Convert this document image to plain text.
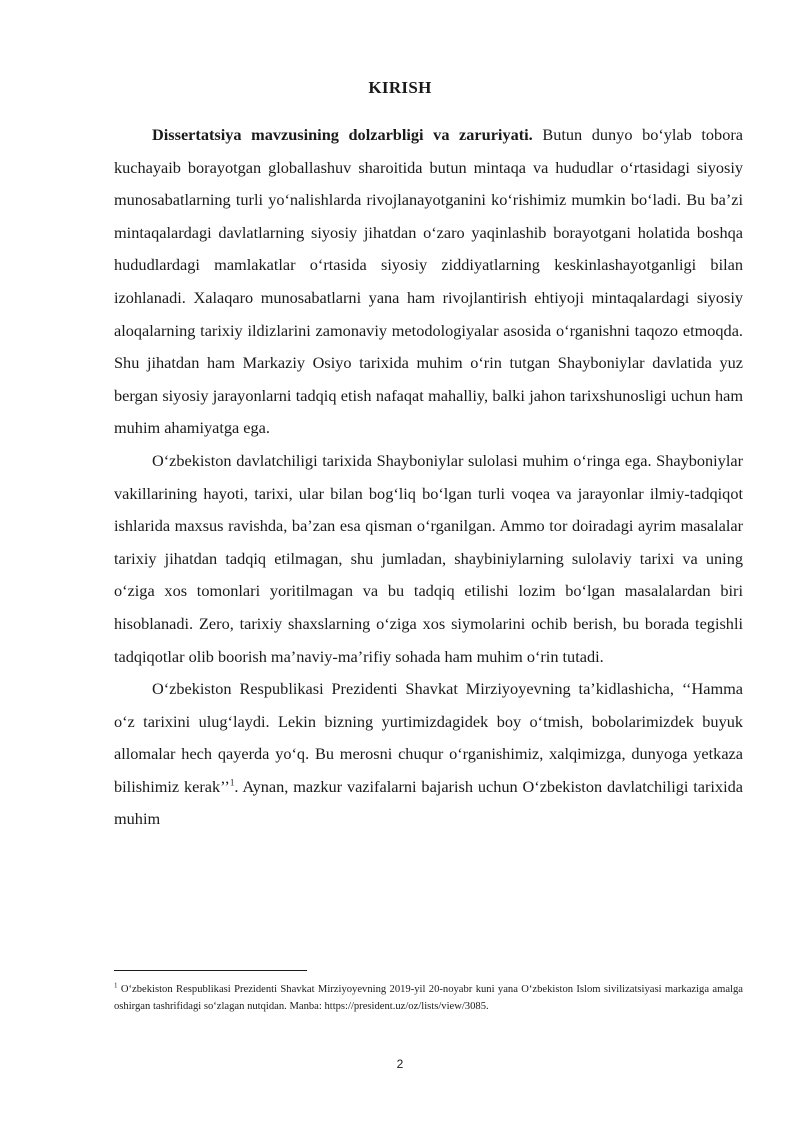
KIRISH

Dissertatsiya mavzusining dolzarbligi va zaruriyati. Butun dunyo bo‘ylab tobora kuchayaib borayotgan globallashuv sharoitida butun mintaqa va hududlar o‘rtasidagi siyosiy munosabatlarning turli yo‘nalishlarda rivojlanayotganini ko‘rishimiz mumkin bo‘ladi. Bu ba’zi mintaqalardagi davlatlarning siyosiy jihatdan o‘zaro yaqinlashib borayotgani holatida boshqa hududlardagi mamlakatlar o‘rtasida siyosiy ziddiyatlarning keskinlashayotganligi bilan izohlanadi. Xalaqaro munosabatlarni yana ham rivojlantirish ehtiyoji mintaqalardagi siyosiy aloqalarning tarixiy ildizlarini zamonaviy metodologiyalar asosida o‘rganishni taqozo etmoqda. Shu jihatdan ham Markaziy Osiyo tarixida muhim o‘rin tutgan Shayboniylar davlatida yuz bergan siyosiy jarayonlarni tadqiq etish nafaqat mahalliy, balki jahon tarixshunosligi uchun ham muhim ahamiyatga ega.

O‘zbekiston davlatchiligi tarixida Shayboniylar sulolasi muhim o‘ringa ega. Shayboniylar vakillarining hayoti, tarixi, ular bilan bog‘liq bo‘lgan turli voqea va jarayonlar ilmiy-tadqiqot ishlarida maxsus ravishda, ba’zan esa qisman o‘rganilgan. Ammo tor doiradagi ayrim masalalar tarixiy jihatdan tadqiq etilmagan, shu jumladan, shaybiniylarning sulolaviy tarixi va uning o‘ziga xos tomonlari yoritilmagan va bu tadqiq etilishi lozim bo‘lgan masalalardan biri hisoblanadi. Zero, tarixiy shaxslarning o‘ziga xos siymolarini ochib berish, bu borada tegishli tadqiqotlar olib boorish ma’naviy-ma’rifiy sohada ham muhim o‘rin tutadi.

O‘zbekiston Respublikasi Prezidenti Shavkat Mirziyoyevning ta’kidlashicha, ‘‘Hamma o‘z tarixini ulug‘laydi. Lekin bizning yurtimizdagidek boy o‘tmish, bobolarimizdek buyuk allomalar hech qayerda yo‘q. Bu merosni chuqur o‘rganishimiz, xalqimizga, dunyoga yetkaza bilishimiz kerak’’$^1$. Aynan, mazkur vazifalarni bajarish uchun O‘zbekiston davlatchiligi tarixida muhim

$^1$ O‘zbekiston Respublikasi Prezidenti Shavkat Mirziyoyevning 2019-yil 20-noyabr kuni yana O‘zbekiston Islom sivilizatsiyasi markaziga amalga oshirgan tashrifidagi so‘zlagan nutqidan. Manba: https://president.uz/oz/lists/view/3085.

2
